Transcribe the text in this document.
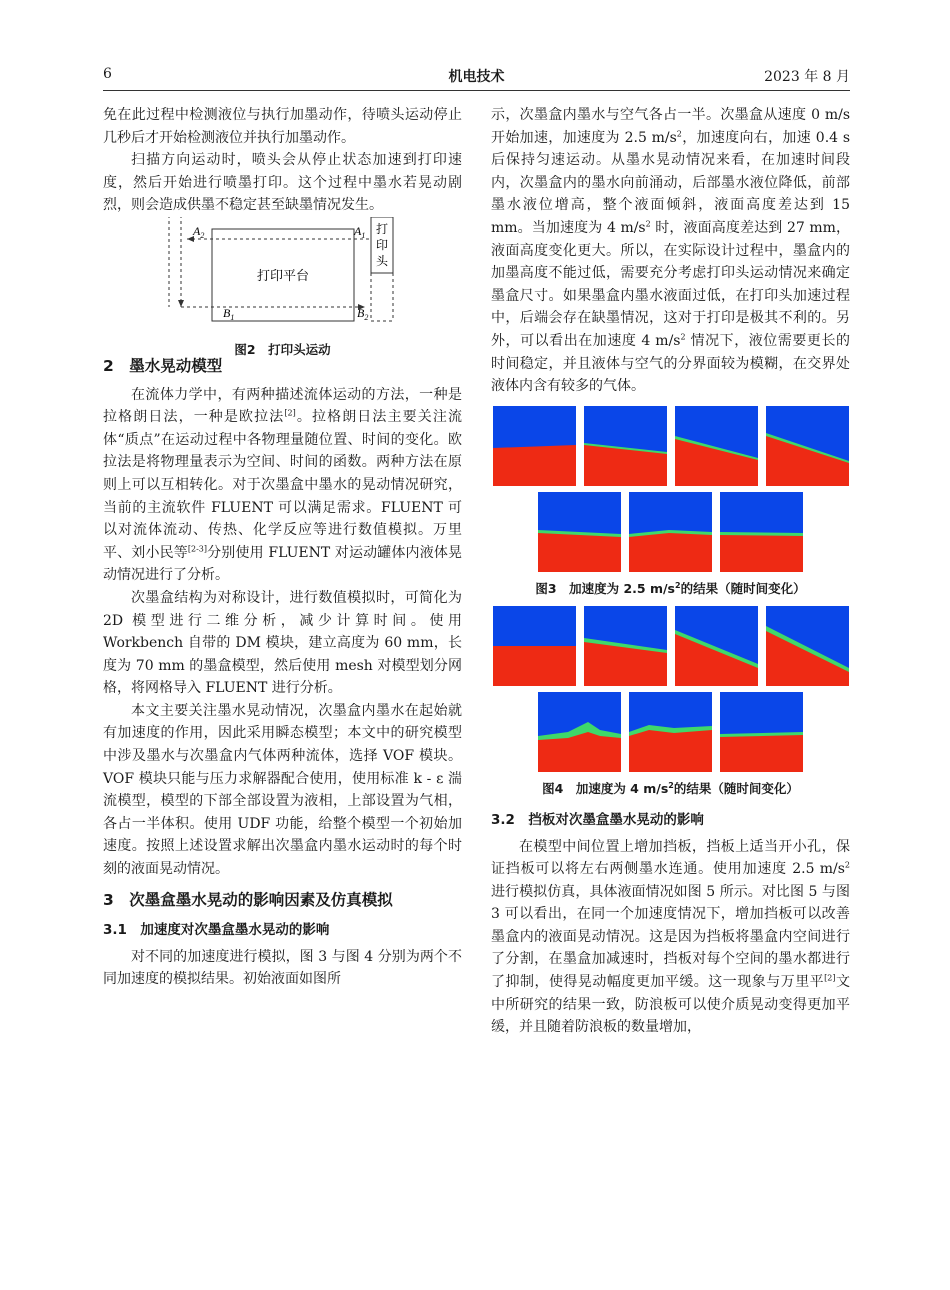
6	机电技术	2023 年 8 月

免在此过程中检测液位与执行加墨动作，待喷头运动停止几秒后才开始检测液位并执行加墨动作。

扫描方向运动时，喷头会从停止状态加速到打印速度，然后开始进行喷墨打印。这个过程中墨水若晃动剧烈，则会造成供墨不稳定甚至缺墨情况发生。

$A_2$	$A_1$
$B_1$	$B_2$
打印平台
打
印
头
图2　打印头运动
2　墨水晃动模型

在流体力学中，有两种描述流体运动的方法，一种是拉格朗日法，一种是欧拉法[2]。拉格朗日法主要关注流体“质点”在运动过程中各物理量随位置、时间的变化。欧拉法是将物理量表示为空间、时间的函数。两种方法在原则上可以互相转化。对于次墨盒中墨水的晃动情况研究，当前的主流软件 FLUENT 可以满足需求。FLUENT 可以对流体流动、传热、化学反应等进行数值模拟。万里平、刘小民等[2-3]分别使用 FLUENT 对运动罐体内液体晃动情况进行了分析。

次墨盒结构为对称设计，进行数值模拟时，可简化为 2D 模型进行二维分析，减少计算时间。使用 Workbench 自带的 DM 模块，建立高度为 60 mm，长度为 70 mm 的墨盒模型，然后使用 mesh 对模型划分网格，将网格导入 FLUENT 进行分析。

本文主要关注墨水晃动情况，次墨盒内墨水在起始就有加速度的作用，因此采用瞬态模型；本文中的研究模型中涉及墨水与次墨盒内气体两种流体，选择 VOF 模块。VOF 模块只能与压力求解器配合使用，使用标准 k - ε 湍流模型，模型的下部全部设置为液相，上部设置为气相，各占一半体积。使用 UDF 功能，给整个模型一个初始加速度。按照上述设置求解出次墨盒内墨水运动时的每个时刻的液面晃动情况。

3　次墨盒墨水晃动的影响因素及仿真模拟
3.1　加速度对次墨盒墨水晃动的影响

对不同的加速度进行模拟，图 3 与图 4 分别为两个不同加速度的模拟结果。初始液面如图所

示，次墨盒内墨水与空气各占一半。次墨盒从速度 0 m/s 开始加速，加速度为 2.5 $m/s^2$，加速度向右，加速 0.4 s 后保持匀速运动。从墨水晃动情况来看，在加速时间段内，次墨盒内的墨水向前涌动，后部墨水液位降低，前部墨水液位增高，整个液面倾斜，液面高度差达到 15 mm。当加速度为 4 $m/s^2$ 时，液面高度差达到 27 mm，液面高度变化更大。所以，在实际设计过程中，墨盒内的加墨高度不能过低，需要充分考虑打印头运动情况来确定墨盒尺寸。如果墨盒内墨水液面过低，在打印头加速过程中，后端会存在缺墨情况，这对于打印是极其不利的。另外，可以看出在加速度 4 $m/s^2$ 情况下，液位需要更长的时间稳定，并且液体与空气的分界面较为模糊，在交界处液体内含有较多的气体。

图3　加速度为 2.5 $m/s^2$的结果（随时间变化）
图4　加速度为 4 $m/s^2$的结果（随时间变化）
3.2　挡板对次墨盒墨水晃动的影响

在模型中间位置上增加挡板，挡板上适当开小孔，保证挡板可以将左右两侧墨水连通。使用加速度 2.5 $m/s^2$ 进行模拟仿真，具体液面情况如图 5 所示。对比图 5 与图 3 可以看出，在同一个加速度情况下，增加挡板可以改善墨盒内的液面晃动情况。这是因为挡板将墨盒内空间进行了分割，在墨盒加减速时，挡板对每个空间的墨水都进行了抑制，使得晃动幅度更加平缓。这一现象与万里平[2]文中所研究的结果一致，防浪板可以使介质晃动变得更加平缓，并且随着防浪板的数量增加，
